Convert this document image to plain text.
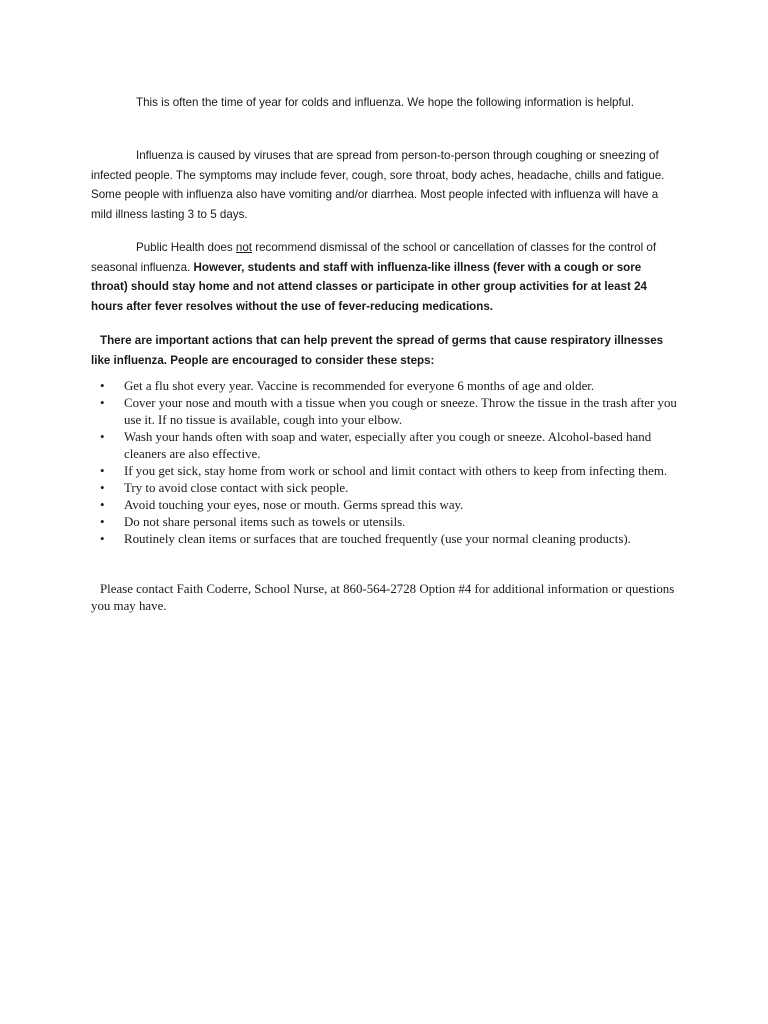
This is often the time of year for colds and influenza. We hope the following information is helpful.

Influenza is caused by viruses that are spread from person-to-person through coughing or sneezing of infected people. The symptoms may include fever, cough, sore throat, body aches, headache, chills and fatigue. Some people with influenza also have vomiting and/or diarrhea. Most people infected with influenza will have a mild illness lasting 3 to 5 days.

Public Health does not recommend dismissal of the school or cancellation of classes for the control of seasonal influenza. However, students and staff with influenza-like illness (fever with a cough or sore throat) should stay home and not attend classes or participate in other group activities for at least 24 hours after fever resolves without the use of fever-reducing medications.

There are important actions that can help prevent the spread of germs that cause respiratory illnesses like influenza. People are encouraged to consider these steps:

• Get a flu shot every year. Vaccine is recommended for everyone 6 months of age and older.
• Cover your nose and mouth with a tissue when you cough or sneeze. Throw the tissue in the trash after you use it. If no tissue is available, cough into your elbow.
• Wash your hands often with soap and water, especially after you cough or sneeze. Alcohol-based hand cleaners are also effective.
• If you get sick, stay home from work or school and limit contact with others to keep from infecting them.
• Try to avoid close contact with sick people.
• Avoid touching your eyes, nose or mouth. Germs spread this way.
• Do not share personal items such as towels or utensils.
• Routinely clean items or surfaces that are touched frequently (use your normal cleaning products).

Please contact Faith Coderre, School Nurse, at 860-564-2728 Option #4 for additional information or questions you may have.
